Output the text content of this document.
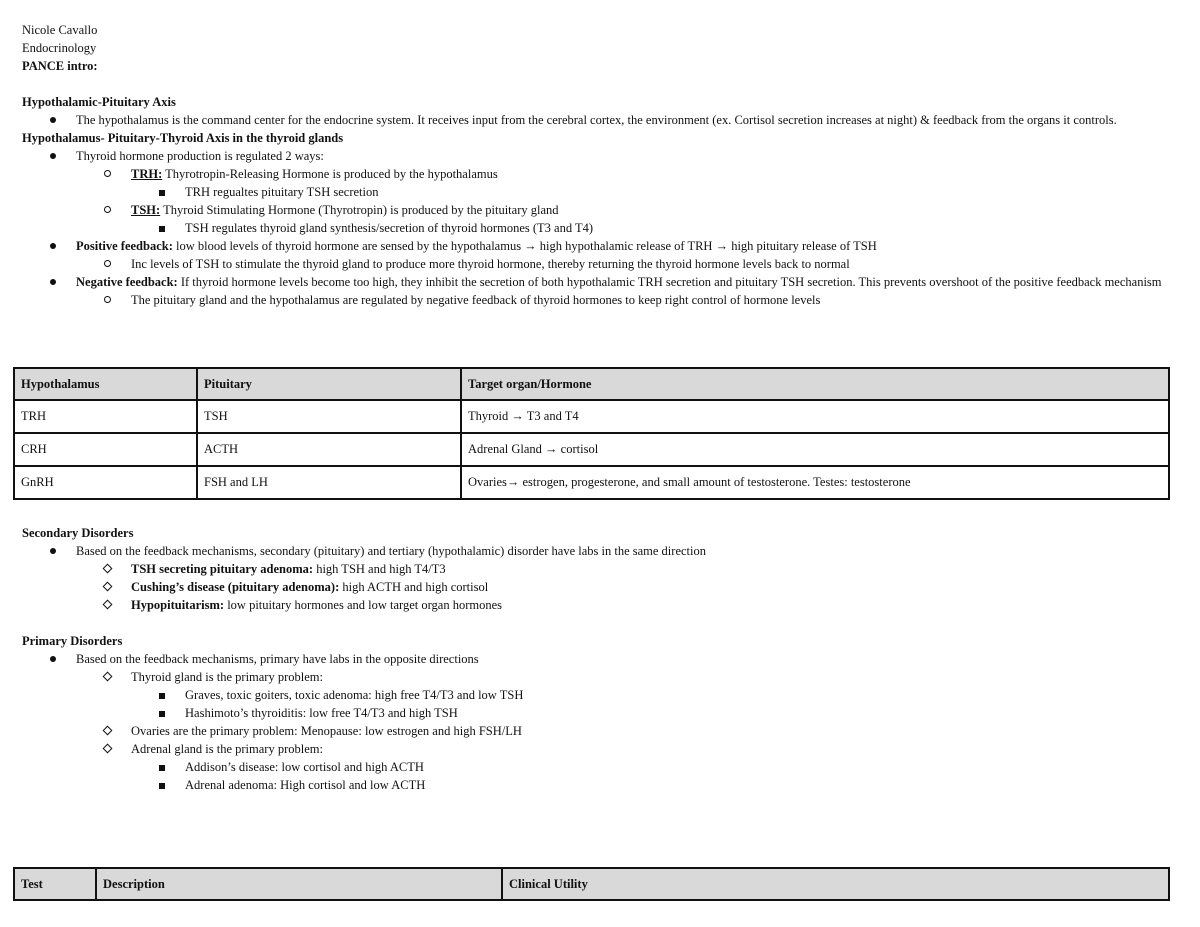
Nicole Cavallo
Endocrinology
PANCE intro:
Hypothalamic-Pituitary Axis
The hypothalamus is the command center for the endocrine system. It receives input from the cerebral cortex, the environment (ex. Cortisol secretion increases at night) & feedback from the organs it controls.
Hypothalamus- Pituitary-Thyroid Axis in the thyroid glands
Thyroid hormone production is regulated 2 ways:
TRH: Thyrotropin-Releasing Hormone is produced by the hypothalamus
TRH regualtes pituitary TSH secretion
TSH: Thyroid Stimulating Hormone (Thyrotropin) is produced by the pituitary gland
TSH regulates thyroid gland synthesis/secretion of thyroid hormones (T3 and T4)
Positive feedback: low blood levels of thyroid hormone are sensed by the hypothalamus → high hypothalamic release of TRH → high pituitary release of TSH
Inc levels of TSH to stimulate the thyroid gland to produce more thyroid hormone, thereby returning the thyroid hormone levels back to normal
Negative feedback: If thyroid hormone levels become too high, they inhibit the secretion of both hypothalamic TRH secretion and pituitary TSH secretion. This prevents overshoot of the positive feedback mechanism
The pituitary gland and the hypothalamus are regulated by negative feedback of thyroid hormones to keep right control of hormone levels
Hypothalamus	Pituitary	Target organ/Hormone
TRH	TSH	Thyroid → T3 and T4
CRH	ACTH	Adrenal Gland → cortisol
GnRH	FSH and LH	Ovaries→ estrogen, progesterone, and small amount of testosterone. Testes: testosterone
Secondary Disorders
Based on the feedback mechanisms, secondary (pituitary) and tertiary (hypothalamic) disorder have labs in the same direction
TSH secreting pituitary adenoma: high TSH and high T4/T3
Cushing’s disease (pituitary adenoma): high ACTH and high cortisol
Hypopituitarism: low pituitary hormones and low target organ hormones
Primary Disorders
Based on the feedback mechanisms, primary have labs in the opposite directions
Thyroid gland is the primary problem:
Graves, toxic goiters, toxic adenoma: high free T4/T3 and low TSH
Hashimoto’s thyroiditis: low free T4/T3 and high TSH
Ovaries are the primary problem: Menopause: low estrogen and high FSH/LH
Adrenal gland is the primary problem:
Addison’s disease: low cortisol and high ACTH
Adrenal adenoma: High cortisol and low ACTH
Test	Description	Clinical Utility
